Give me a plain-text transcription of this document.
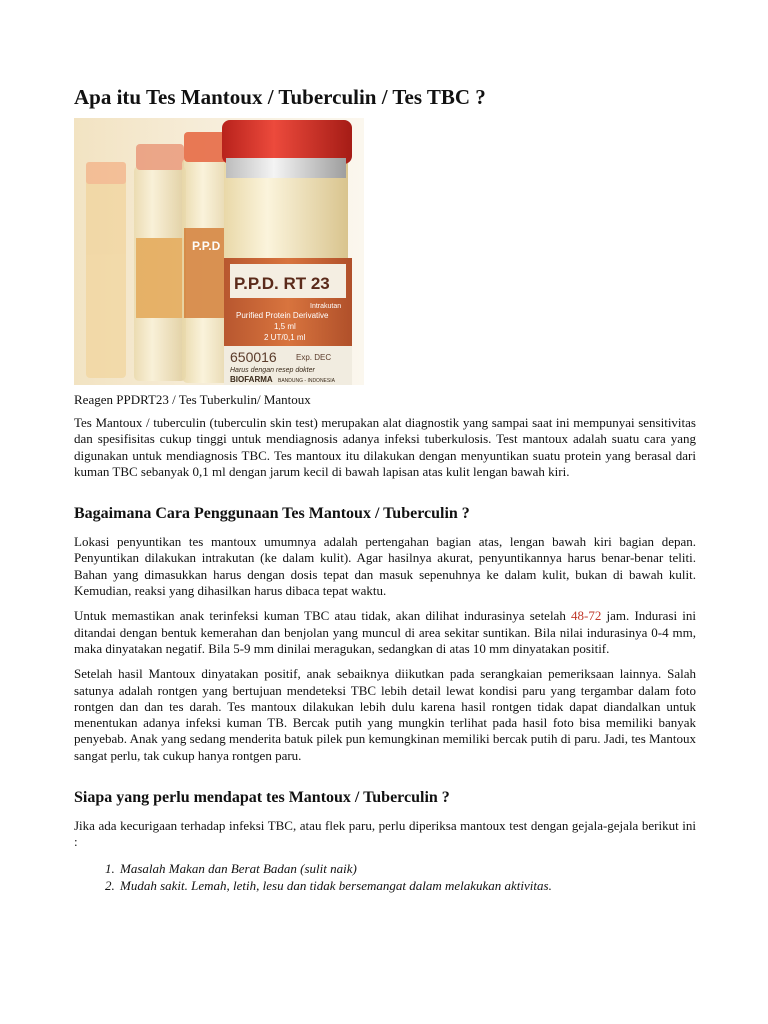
Apa itu Tes Mantoux / Tuberculin / Tes TBC ?
P.P.D
P.P.D. RT 23
Intrakutan
Purified Protein Derivative
1,5 ml
2 UT/0,1 ml
650016 Exp. DEC
Harus dengan resep dokter
BIOFARMA BANDUNG - INDONESIA
Reagen PPDRT23 / Tes Tuberkulin/ Mantoux

Tes Mantoux / tuberculin (tuberculin skin test) merupakan alat diagnostik yang sampai saat ini mempunyai sensitivitas dan spesifisitas cukup tinggi untuk mendiagnosis adanya infeksi tuberkulosis. Test mantoux adalah suatu cara yang digunakan untuk mendiagnosis TBC. Tes mantoux itu dilakukan dengan menyuntikan suatu protein yang berasal dari kuman TBC sebanyak 0,1 ml dengan jarum kecil di bawah lapisan atas kulit lengan bawah kiri.

Bagaimana Cara Penggunaan Tes Mantoux / Tuberculin ?

Lokasi penyuntikan tes mantoux umumnya adalah pertengahan bagian atas, lengan bawah kiri bagian depan. Penyuntikan dilakukan intrakutan (ke dalam kulit). Agar hasilnya akurat, penyuntikannya harus benar-benar teliti. Bahan yang dimasukkan harus dengan dosis tepat dan masuk sepenuhnya ke dalam kulit, bukan di bawah kulit. Kemudian, reaksi yang dihasilkan harus dibaca tepat waktu.

Untuk memastikan anak terinfeksi kuman TBC atau tidak, akan dilihat indurasinya setelah 48-72 jam. Indurasi ini ditandai dengan bentuk kemerahan dan benjolan yang muncul di area sekitar suntikan. Bila nilai indurasinya 0-4 mm, maka dinyatakan negatif. Bila 5-9 mm dinilai meragukan, sedangkan di atas 10 mm dinyatakan positif.

Setelah hasil Mantoux dinyatakan positif, anak sebaiknya diikutkan pada serangkaian pemeriksaan lainnya. Salah satunya adalah rontgen yang bertujuan mendeteksi TBC lebih detail lewat kondisi paru yang tergambar dalam foto rontgen dan dan tes darah. Tes mantoux dilakukan lebih dulu karena hasil rontgen tidak dapat diandalkan untuk menentukan adanya infeksi kuman TB. Bercak putih yang mungkin terlihat pada hasil foto bisa memiliki banyak penyebab. Anak yang sedang menderita batuk pilek pun kemungkinan memiliki bercak putih di paru. Jadi, tes Mantoux sangat perlu, tak cukup hanya rontgen paru.

Siapa yang perlu mendapat tes Mantoux / Tuberculin ?

Jika ada kecurigaan terhadap infeksi TBC, atau flek paru, perlu diperiksa mantoux test dengan gejala-gejala berikut ini :

1. Masalah Makan dan Berat Badan (sulit naik)
2. Mudah sakit. Lemah, letih, lesu dan tidak bersemangat dalam melakukan aktivitas.
